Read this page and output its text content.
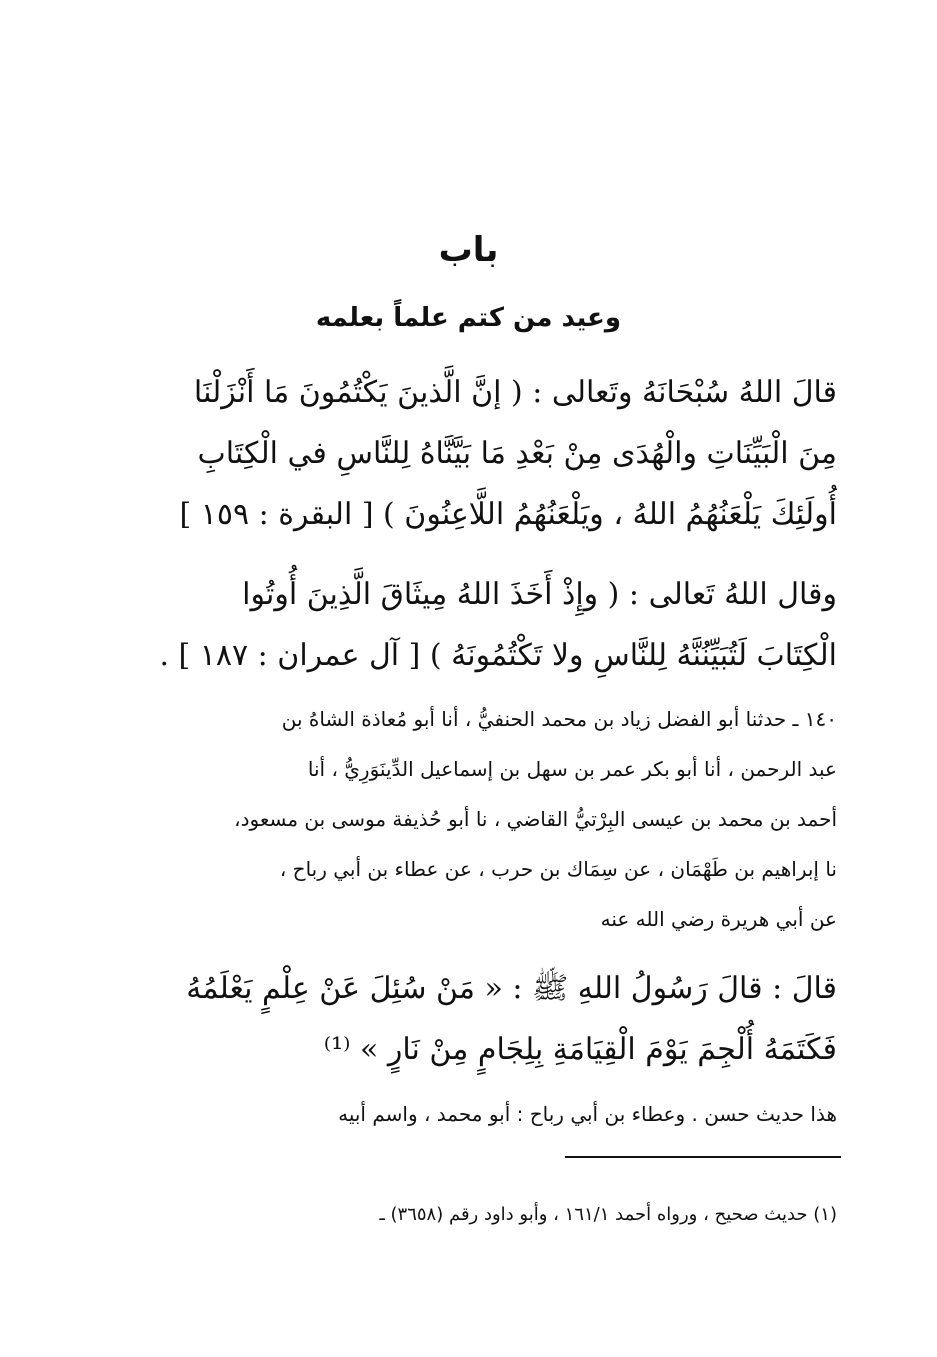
باب
وعيد من كتم علماً بعلمه

قالَ اللهُ سُبْحَانَهُ وتَعالى : ( إنَّ الَّذينَ يَكْتُمُونَ مَا أَنْزَلْنَا
مِنَ الْبَيِّنَاتِ والْهُدَى مِنْ بَعْدِ مَا بَيَّنَّاهُ لِلنَّاسِ في الْكِتَابِ
أُولَئِكَ يَلْعَنُهُمُ اللهُ ، ويَلْعَنُهُمُ اللَّاعِنُونَ ) [ البقرة : ١٥٩ ]

وقال اللهُ تَعالى : ( وإِذْ أَخَذَ اللهُ مِيثَاقَ الَّذِينَ أُوتُوا
الْكِتَابَ لَتُبَيِّنُنَّهُ لِلنَّاسِ ولا تَكْتُمُونَهُ ) [ آل عمران : ١٨٧ ] .

١٤٠ ـ حدثنا أبو الفضل زياد بن محمد الحنفيُّ ، أنا أبو مُعاذة الشاهُ بن
عبد الرحمن ، أنا أبو بكر عمر بن سهل بن إسماعيل الدِّينَوَرِيُّ ، أنا
أحمد بن محمد بن عيسى البِرْتيُّ القاضي ، نا أبو حُذيفة موسى بن مسعود،
نا إبراهيم بن طَهْمَان ، عن سِمَاك بن حرب ، عن عطاء بن أبي رباح ،
عن أبي هريرة رضي الله عنه

قالَ : قالَ رَسُولُ اللهِ ﷺ : « مَنْ سُئِلَ عَنْ عِلْمٍ يَعْلَمُهُ
فَكَتَمَهُ أُلْجِمَ يَوْمَ الْقِيَامَةِ بِلِجَامٍ مِنْ نَارٍ » ⁽¹⁾

هذا حديث حسن . وعطاء بن أبي رباح : أبو محمد ، واسم أبيه

(١) حديث صحيح ، ورواه أحمد ١٦١/١ ، وأبو داود رقم (٣٦٥٨) ـ
